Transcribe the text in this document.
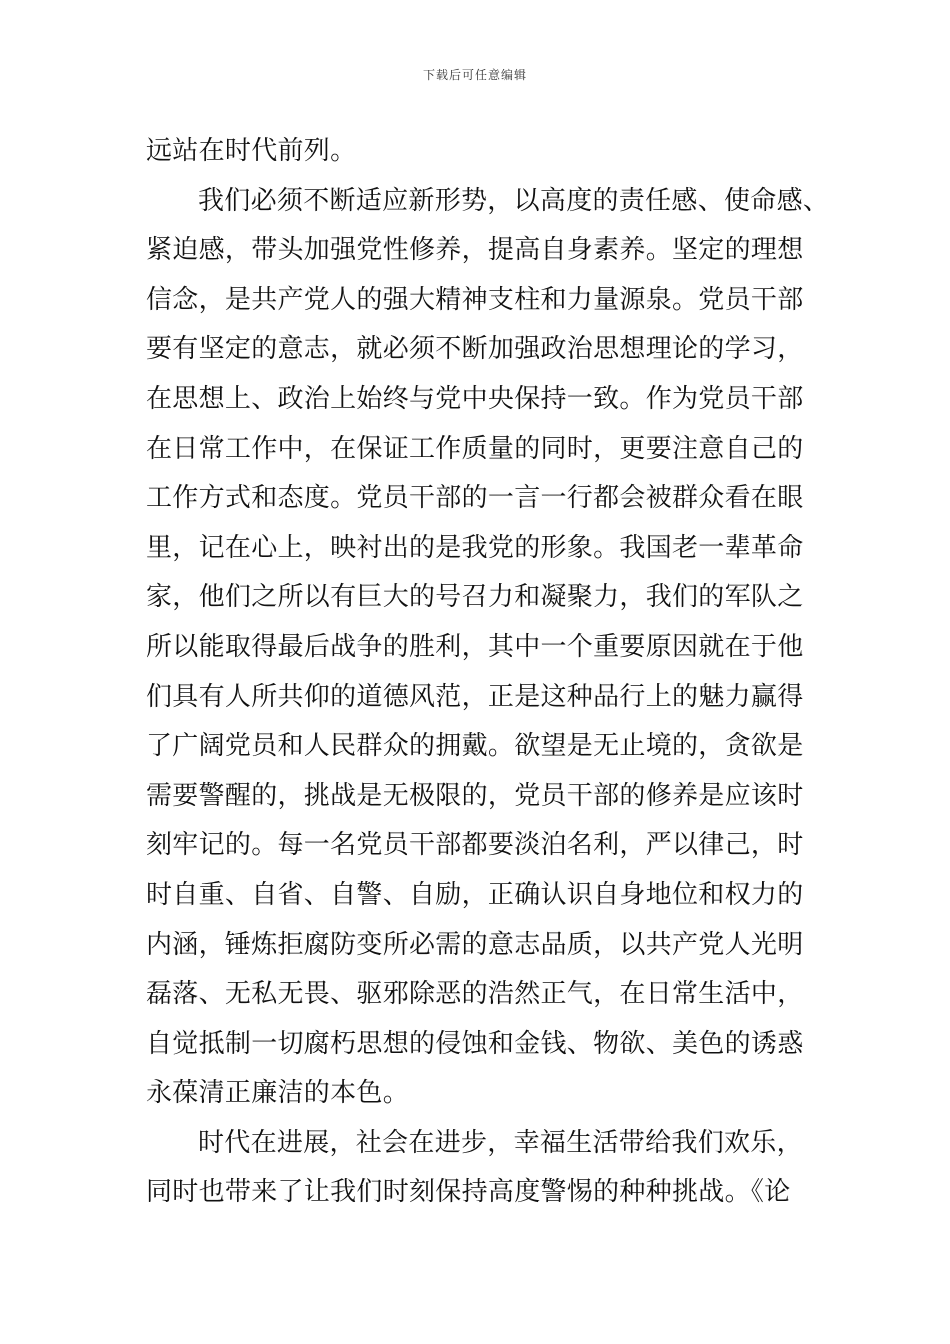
下载后可任意编辑
远站在时代前列。
我们必须不断适应新形势，以高度的责任感、使命感、
紧迫感，带头加强党性修养，提高自身素养。坚定的理想
信念，是共产党人的强大精神支柱和力量源泉。党员干部
要有坚定的意志，就必须不断加强政治思想理论的学习，
在思想上、政治上始终与党中央保持一致。作为党员干部
在日常工作中，在保证工作质量的同时，更要注意自己的
工作方式和态度。党员干部的一言一行都会被群众看在眼
里，记在心上，映衬出的是我党的形象。我国老一辈革命
家，他们之所以有巨大的号召力和凝聚力，我们的军队之
所以能取得最后战争的胜利，其中一个重要原因就在于他
们具有人所共仰的道德风范，正是这种品行上的魅力赢得
了广阔党员和人民群众的拥戴。欲望是无止境的，贪欲是
需要警醒的，挑战是无极限的，党员干部的修养是应该时
刻牢记的。每一名党员干部都要淡泊名利，严以律己，时
时自重、自省、自警、自励，正确认识自身地位和权力的
内涵，锤炼拒腐防变所必需的意志品质，以共产党人光明
磊落、无私无畏、驱邪除恶的浩然正气，在日常生活中，
自觉抵制一切腐朽思想的侵蚀和金钱、物欲、美色的诱惑
永葆清正廉洁的本色。
时代在进展，社会在进步，幸福生活带给我们欢乐，
同时也带来了让我们时刻保持高度警惕的种种挑战。《论
